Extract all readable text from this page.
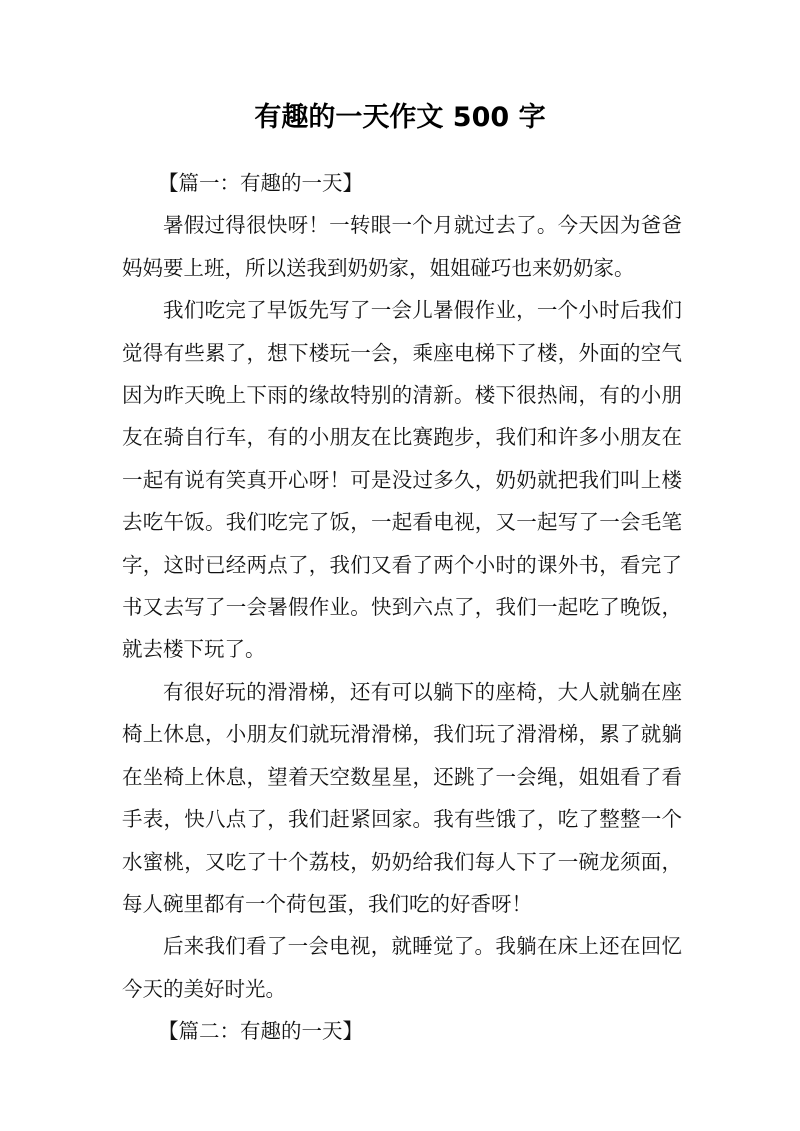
有趣的一天作文 500 字

【篇一：有趣的一天】

暑假过得很快呀！一转眼一个月就过去了。今天因为爸爸妈妈要上班，所以送我到奶奶家，姐姐碰巧也来奶奶家。

我们吃完了早饭先写了一会儿暑假作业，一个小时后我们觉得有些累了，想下楼玩一会，乘座电梯下了楼，外面的空气因为昨天晚上下雨的缘故特别的清新。楼下很热闹，有的小朋友在骑自行车，有的小朋友在比赛跑步，我们和许多小朋友在一起有说有笑真开心呀！可是没过多久，奶奶就把我们叫上楼去吃午饭。我们吃完了饭，一起看电视，又一起写了一会毛笔字，这时已经两点了，我们又看了两个小时的课外书，看完了书又去写了一会暑假作业。快到六点了，我们一起吃了晚饭，就去楼下玩了。

有很好玩的滑滑梯，还有可以躺下的座椅，大人就躺在座椅上休息，小朋友们就玩滑滑梯，我们玩了滑滑梯，累了就躺在坐椅上休息，望着天空数星星，还跳了一会绳，姐姐看了看手表，快八点了，我们赶紧回家。我有些饿了，吃了整整一个水蜜桃，又吃了十个荔枝，奶奶给我们每人下了一碗龙须面，每人碗里都有一个荷包蛋，我们吃的好香呀！

后来我们看了一会电视，就睡觉了。我躺在床上还在回忆今天的美好时光。

【篇二：有趣的一天】
